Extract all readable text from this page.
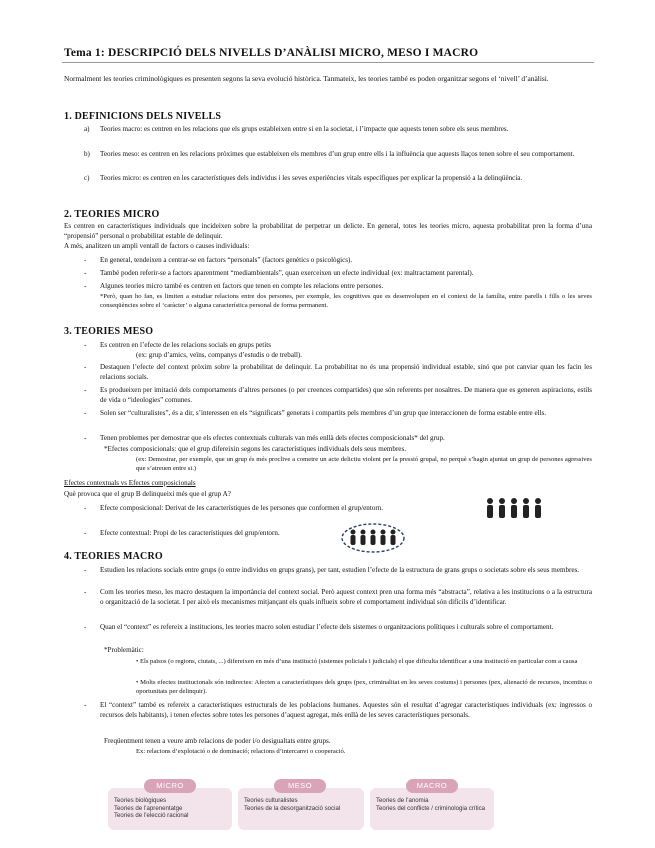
Tema 1: DESCRIPCIÓ DELS NIVELLS D’ANÀLISI MICRO, MESO I MACRO

Normalment les teories criminològiques es presenten segons la seva evolució històrica. Tanmateix, les teories també es poden organitzar segons el ‘nivell’ d’anàlisi.

1. DEFINICIONS DELS NIVELLS
a) Teories macro: es centren en les relacions que els grups estableixen entre si en la societat, i l’impacte que aquests tenen sobre els seus membres.

b) Teories meso: es centren en les relacions pròximes que estableixen els membres d’un grup entre ells i la influència que aquests llaços tenen sobre el seu comportament.

c) Teories micro: es centren en les característiques dels individus i les seves experiències vitals específiques per explicar la propensió a la delinqüència.

2. TEORIES MICRO

Es centren en característiques individuals que incideixen sobre la probabilitat de perpetrar un delicte. En general, totes les teories micro, aquesta probabilitat pren la forma d’una “propensió” personal o probabilitat estable de delinquir.

A més, analitzen un ampli ventall de factors o causes individuals:

- En general, tendeixen a centrar-se en factors “personals” (factors genètics o psicològics).

- També poden referir-se a factors aparentment “mediambientals”, quan exerceixen un efecte individual (ex: maltractament parental).

- Algunes teories micro també es centren en factors que tenen en compte les relacions entre persones.

*Però, quan ho fan, es limiten a estudiar relacions entre dos persones, per exemple, les cognitives que es desenvolupen en el context de la família, entre parells i fills o les seves conseqüències sobre el ‘caràcter’ o alguna característica personal de forma permanent.

3. TEORIES MESO
- Es centren en l’efecte de les relacions socials en grups petits

(ex: grup d’amics, veïns, companys d’estudis o de treball).

- Destaquen l’efecte del context pròxim sobre la probabilitat de delinquir. La probabilitat no és una propensió individual estable, sinó que pot canviar quan les facin les relacions socials.

- Es produeixen per imitació dels comportaments d’altres persones (o per creences compartides) que són referents per nosaltres. De manera que es generen aspiracions, estils de vida o “ideologies” comunes.

- Solen ser “culturalistes”, és a dir, s’interessen en els “significats” generats i compartits pels membres d’un grup que interaccionen de forma estable entre ells.

- Tenen problemes per demostrar que els efectes contextuals culturals van més enllà dels efectes composicionals* del grup.

*Efectes composicionals: que el grup difereixin segons les característiques individuals dels seus membres.

(ex: Demostrar, per exemple, que un grup és més proclive a cometre un acte delictiu violent per la pressió grupal, no perquè s’hagin ajuntat un grup de persones agressives que s’atreuen entre si.)

Efectes contextuals vs Efectes composicionals

Què provoca que el grup B delinqueixi més que el grup A?

- Efecte composicional: Derivat de les característiques de les persones que conformen el grup/entorn.

- Efecte contextual: Propi de les característiques del grup/entorn.

4. TEORIES MACRO
- Estudien les relacions socials entre grups (o entre individus en grups grans), per tant, estudien l’efecte de la estructura de grans grups o societats sobre els seus membres.

- Com les teories meso, les macro destaquen la importància del context social. Però aquest context pren una forma més “abstracta”, relativa a les institucions o a la estructura o organització de la societat. I per això els mecanismes mitjançant els quals influeix sobre el comportament individual són difícils d’identificar.

- Quan el “context” es refereix a institucions, les teories macro solen estudiar l’efecte dels sistemes o organitzacions polítiques i culturals sobre el comportament.

*Problemàtic:

• Els països (o regions, ciutats, ...) difereixen en més d’una institució (sistemes policials i judicials) el que dificulta identificar a una institució en particular com a causa

• Molts efectes institucionals són indirectes: Afecten a característiques dels grups (pex, criminalitat en les seves costums) i persones (pex, alienació de recursos, incentius o oportunitats per delinquir).

- El “context” també es refereix a característiques estructurals de les poblacions humanes. Aquestes són el resultat d’agregar característiques individuals (ex: ingressos o recursos dels habitants), i tenen efectes sobre totes les persones d’aquest agregat, més enllà de les seves característiques personals.

Freqüentment tenen a veure amb relacions de poder i/o desigualtats entre grups.

Ex: relacions d’explotació o de dominació; relacions d’intercanvi o cooperació.

MICRO
Teories biològiques
Teories de l’aprenentatge
Teories de l’elecció racional
MESO
Teories culturalistes
Teories de la desorganització social
MACRO
Teories de l’anomia
Teories del conflicte / criminologia crítica
